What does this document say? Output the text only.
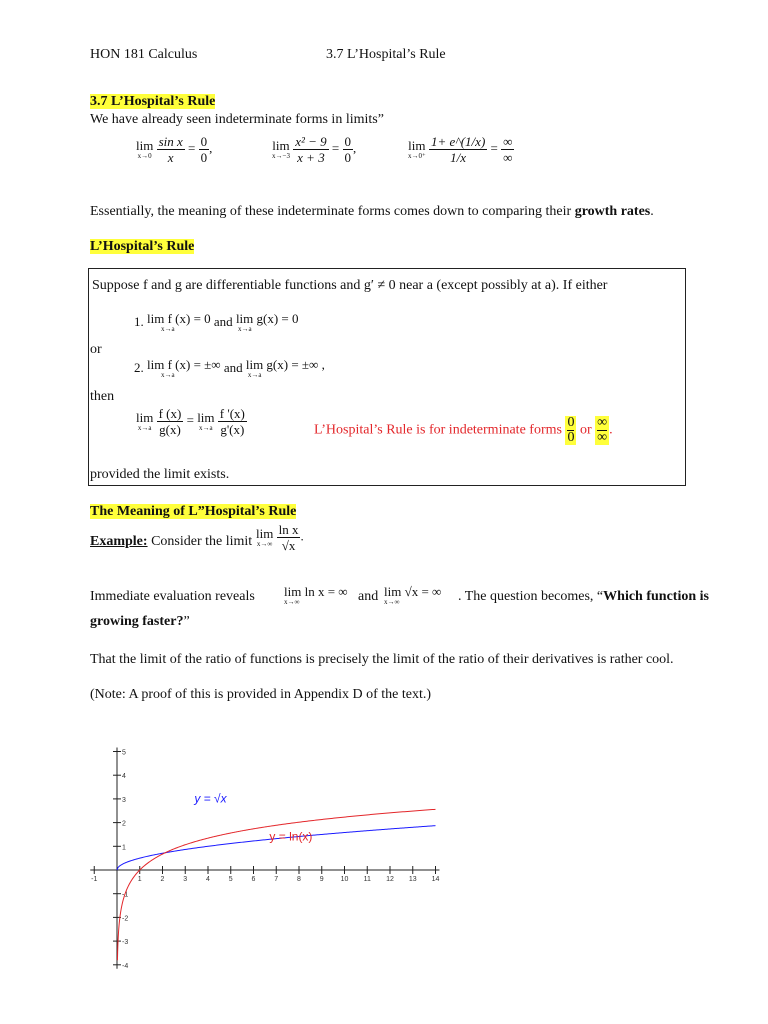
HON 181 Calculus	3.7 L’Hospital’s Rule
3.7 L’Hospital’s Rule
We have already seen indeterminate forms in limits”
lim
x→0
$\frac{\text{sin x}}{x} = \frac{0}{0}$ ,	lim
x→−3
$\frac{\text{x² − 9}}{x + 3} = \frac{0}{0}$ ,	lim
x→0⁺
$\frac{1+ e\^{}(1/x)}{1/x} = \frac{\infty}{\infty}$
Essentially, the meaning of these indeterminate forms comes down to comparing their growth rates.
L’Hospital’s Rule
Suppose f and g are differentiable functions and g′ ≠ 0 near a (except possibly at a). If either
1. lim f (x) = 0
x→a
and lim g(x) = 0
x→a
or
2. lim f (x) = ±∞
x→a
and lim g(x) = ±∞ ,
x→a
then
lim
x→a
$\frac{f (x)}{g(x)} = \lim$
x→a
$\frac{f '(x)}{g'(x)}$	L’Hospital’s Rule is for indeterminate forms $\frac{0}{0}$ or
∞
∞ .
provided the limit exists.
The Meaning of L”Hospital’s Rule
Example: Consider the limit
lim
x→∞
$\frac{\text{ln x}}{√x}$ .
Immediate evaluation reveals lim ln x = ∞
x→∞	and lim √x = ∞
x→∞	. The question becomes, “Which function is
growing faster?”
That the limit of the ratio of functions is precisely the limit of the ratio of their derivatives is rather cool.
(Note: A proof of this is provided in Appendix D of the text.)
-1	1	2	3	4	5	6	7	8	9 10 11 12 13 14
-4
-3
-2
-1
1
2
3
4
5
y = √x
y = ln(x)
